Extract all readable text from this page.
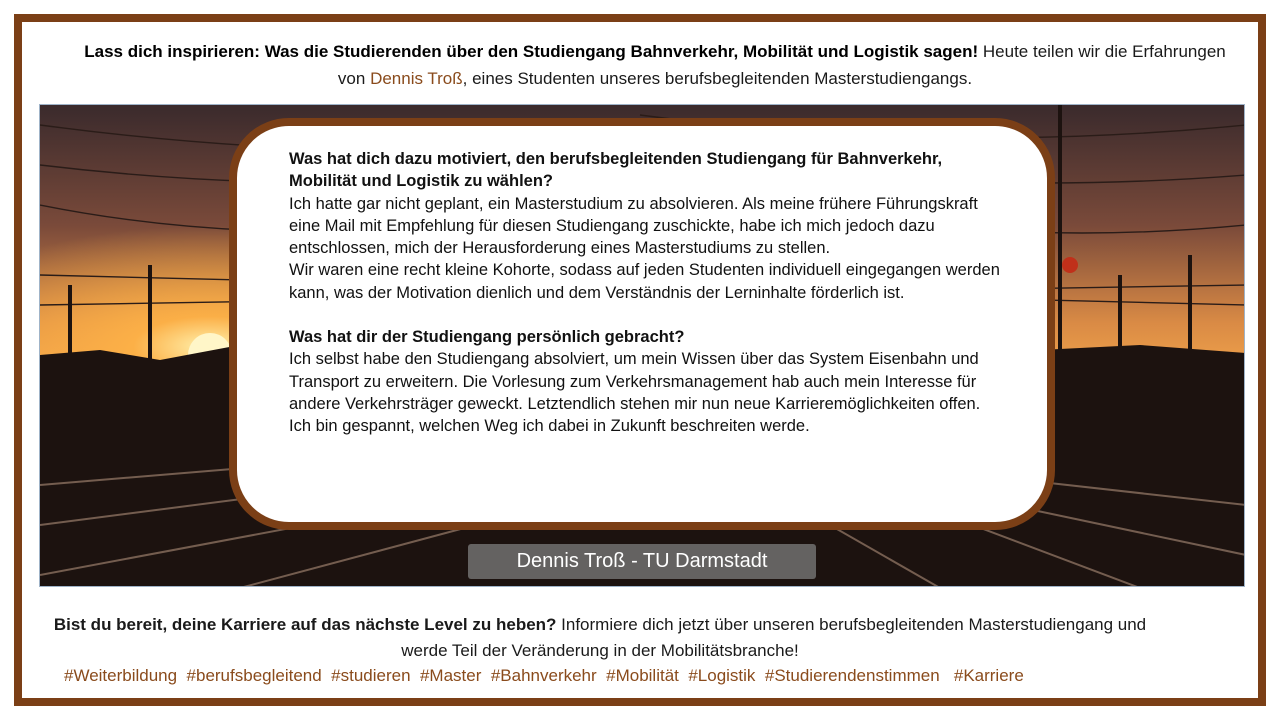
Lass dich inspirieren: Was die Studierenden über den Studiengang Bahnverkehr, Mobilität und Logistik sagen! Heute teilen wir die Erfahrungen von Dennis Troß, eines Studenten unseres berufsbegleitenden Masterstudiengangs.

Was hat dich dazu motiviert, den berufsbegleitenden Studiengang für Bahnverkehr, Mobilität und Logistik zu wählen?

Ich hatte gar nicht geplant, ein Masterstudium zu absolvieren. Als meine frühere Führungskraft eine Mail mit Empfehlung für diesen Studiengang zuschickte, habe ich mich jedoch dazu entschlossen, mich der Herausforderung eines Masterstudiums zu stellen.

Wir waren eine recht kleine Kohorte, sodass auf jeden Studenten individuell eingegangen werden kann, was der Motivation dienlich und dem Verständnis der Lerninhalte förderlich ist.

Was hat dir der Studiengang persönlich gebracht?

Ich selbst habe den Studiengang absolviert, um mein Wissen über das System Eisenbahn und Transport zu erweitern. Die Vorlesung zum Verkehrsmanagement hab auch mein Interesse für andere Verkehrsträger geweckt. Letztendlich stehen mir nun neue Karrieremöglichkeiten offen. Ich bin gespannt, welchen Weg ich dabei in Zukunft beschreiten werde.

Dennis Troß - TU Darmstadt
Bist du bereit, deine Karriere auf das nächste Level zu heben? Informiere dich jetzt über unseren berufsbegleitenden Masterstudiengang und werde Teil der Veränderung in der Mobilitätsbranche!
#Weiterbildung  #berufsbegleitend  #studieren  #Master  #Bahnverkehr  #Mobilität  #Logistik  #Studierendenstimmen   #Karriere
